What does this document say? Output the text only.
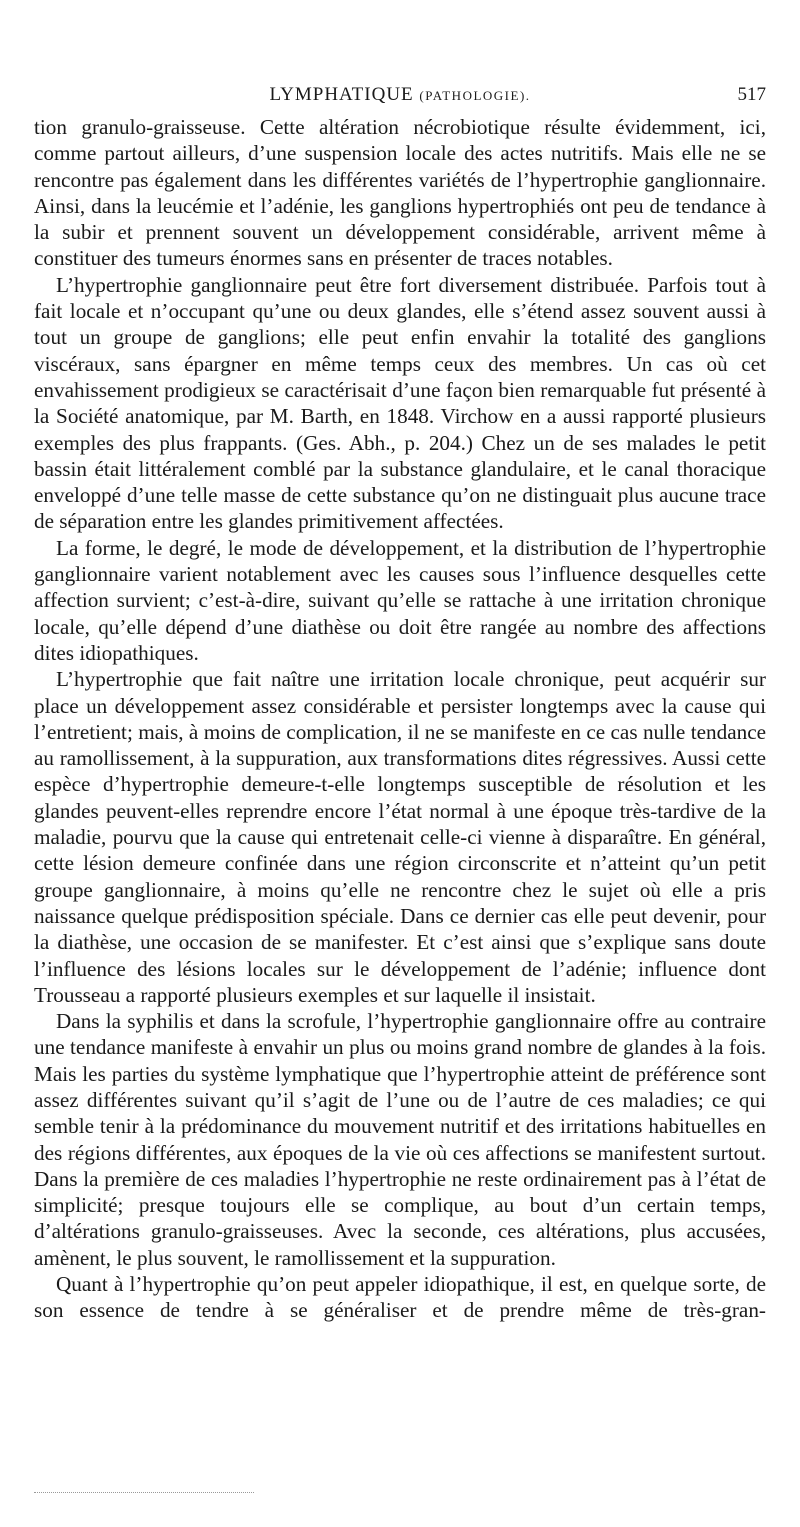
LYMPHATIQUE (PATHOLOGIE).	517

tion granulo-graisseuse. Cette altération nécrobiotique résulte évidemment, ici, comme partout ailleurs, d’une suspension locale des actes nutritifs. Mais elle ne se rencontre pas également dans les différentes variétés de l’hypertrophie ganglionnaire. Ainsi, dans la leucémie et l’adénie, les ganglions hypertrophiés ont peu de tendance à la subir et prennent souvent un développement considérable, arrivent même à constituer des tumeurs énormes sans en présenter de traces notables.

L’hypertrophie ganglionnaire peut être fort diversement distribuée. Parfois tout à fait locale et n’occupant qu’une ou deux glandes, elle s’étend assez souvent aussi à tout un groupe de ganglions; elle peut enfin envahir la totalité des ganglions viscéraux, sans épargner en même temps ceux des membres. Un cas où cet envahissement prodigieux se caractérisait d’une façon bien remarquable fut présenté à la Société anatomique, par M. Barth, en 1848. Virchow en a aussi rapporté plusieurs exemples des plus frappants. (Ges. Abh., p. 204.) Chez un de ses malades le petit bassin était littéralement comblé par la substance glandulaire, et le canal thoracique enveloppé d’une telle masse de cette substance qu’on ne distinguait plus aucune trace de séparation entre les glandes primitivement affectées.

La forme, le degré, le mode de développement, et la distribution de l’hypertrophie ganglionnaire varient notablement avec les causes sous l’influence desquelles cette affection survient; c’est-à-dire, suivant qu’elle se rattache à une irritation chronique locale, qu’elle dépend d’une diathèse ou doit être rangée au nombre des affections dites idiopathiques.

L’hypertrophie que fait naître une irritation locale chronique, peut acquérir sur place un développement assez considérable et persister longtemps avec la cause qui l’entretient; mais, à moins de complication, il ne se manifeste en ce cas nulle tendance au ramollissement, à la suppuration, aux transformations dites régressives. Aussi cette espèce d’hypertrophie demeure-t-elle longtemps susceptible de résolution et les glandes peuvent-elles reprendre encore l’état normal à une époque très-tardive de la maladie, pourvu que la cause qui entretenait celle-ci vienne à disparaître. En général, cette lésion demeure confinée dans une région circonscrite et n’atteint qu’un petit groupe ganglionnaire, à moins qu’elle ne rencontre chez le sujet où elle a pris naissance quelque prédisposition spéciale. Dans ce dernier cas elle peut devenir, pour la diathèse, une occasion de se manifester. Et c’est ainsi que s’explique sans doute l’influence des lésions locales sur le développement de l’adénie; influence dont Trousseau a rapporté plusieurs exemples et sur laquelle il insistait.

Dans la syphilis et dans la scrofule, l’hypertrophie ganglionnaire offre au contraire une tendance manifeste à envahir un plus ou moins grand nombre de glandes à la fois. Mais les parties du système lymphatique que l’hypertrophie atteint de préférence sont assez différentes suivant qu’il s’agit de l’une ou de l’autre de ces maladies; ce qui semble tenir à la prédominance du mouvement nutritif et des irritations habituelles en des régions différentes, aux époques de la vie où ces affections se manifestent surtout. Dans la première de ces maladies l’hypertrophie ne reste ordinairement pas à l’état de simplicité; presque toujours elle se complique, au bout d’un certain temps, d’altérations granulo-graisseuses. Avec la seconde, ces altérations, plus accusées, amènent, le plus souvent, le ramollissement et la suppuration.

Quant à l’hypertrophie qu’on peut appeler idiopathique, il est, en quelque sorte, de son essence de tendre à se généraliser et de prendre même de très-gran-
